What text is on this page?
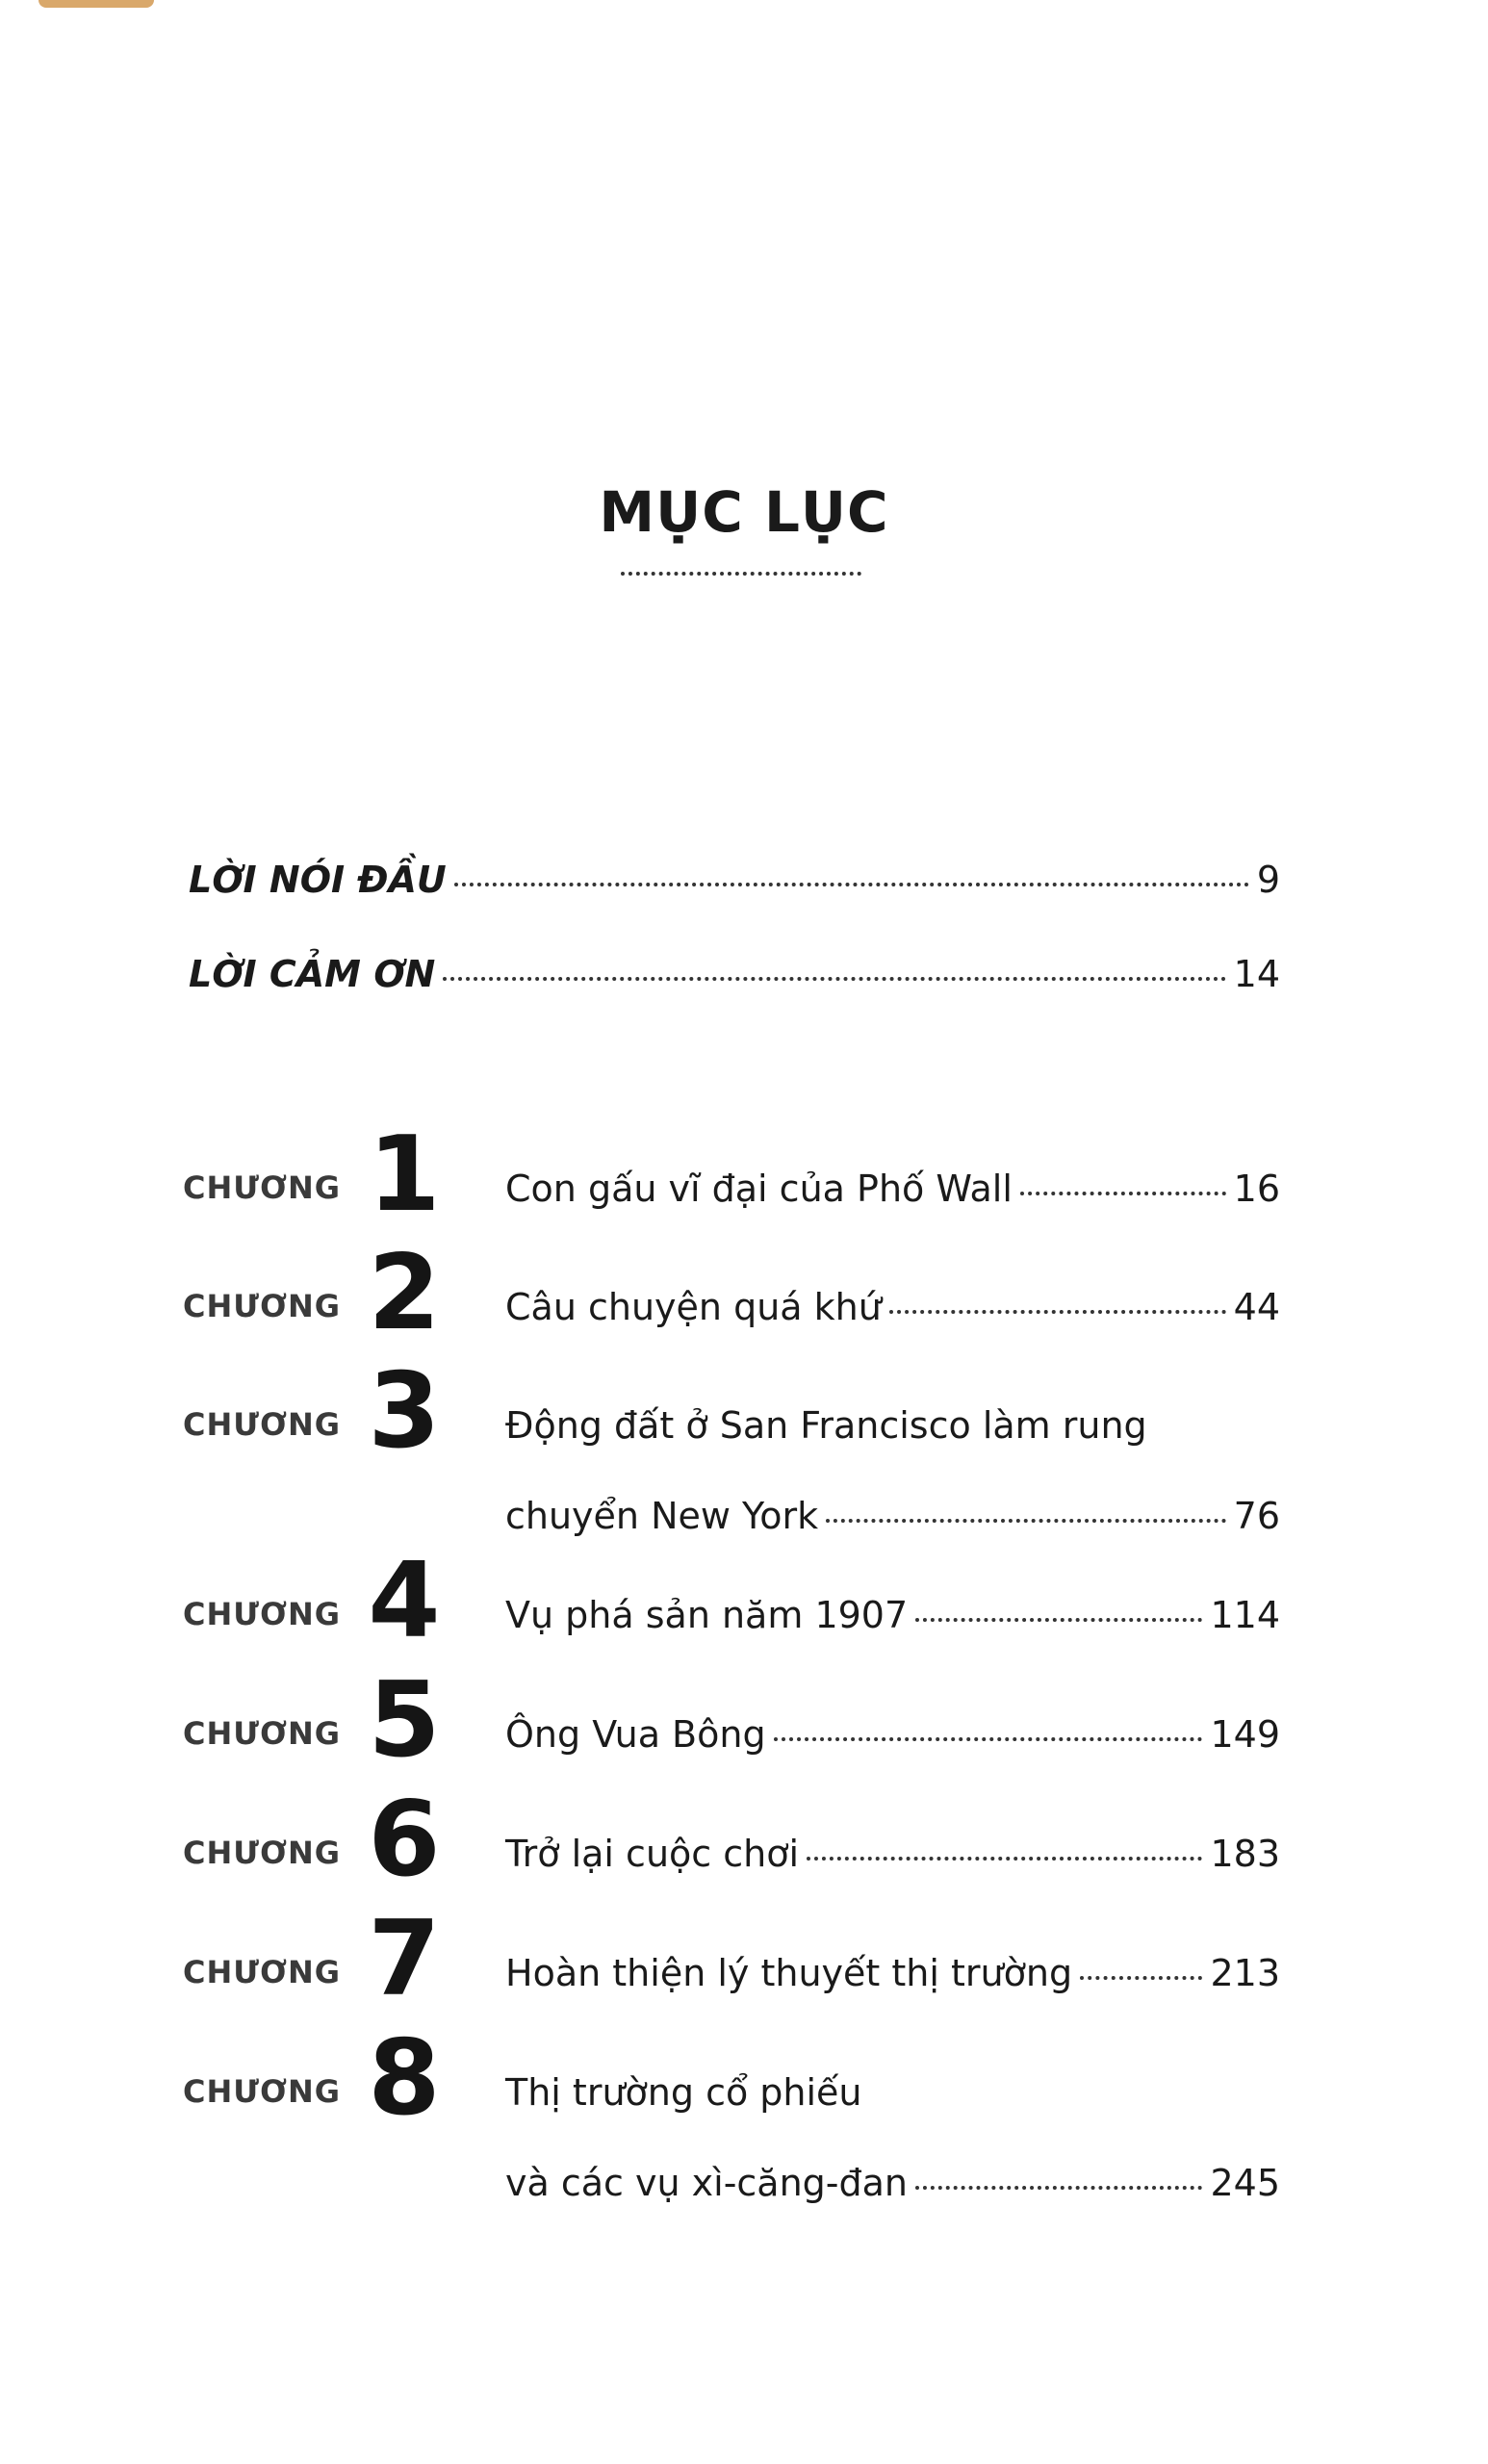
MỤC LỤC
LỜI NÓI ĐẦU	9
LỜI CẢM ƠN	14
CHƯƠNG 1	Con gấu vĩ đại của Phố Wall	16
CHƯƠNG 2	Câu chuyện quá khứ	44
CHƯƠNG 3	Động đất ở San Francisco làm rung
chuyển New York	76
CHƯƠNG 4	Vụ phá sản năm 1907	114
CHƯƠNG 5	Ông Vua Bông	149
CHƯƠNG 6	Trở lại cuộc chơi	183
CHƯƠNG 7	Hoàn thiện lý thuyết thị trường	213
CHƯƠNG 8	Thị trường cổ phiếu
và các vụ xì-căng-đan	245
